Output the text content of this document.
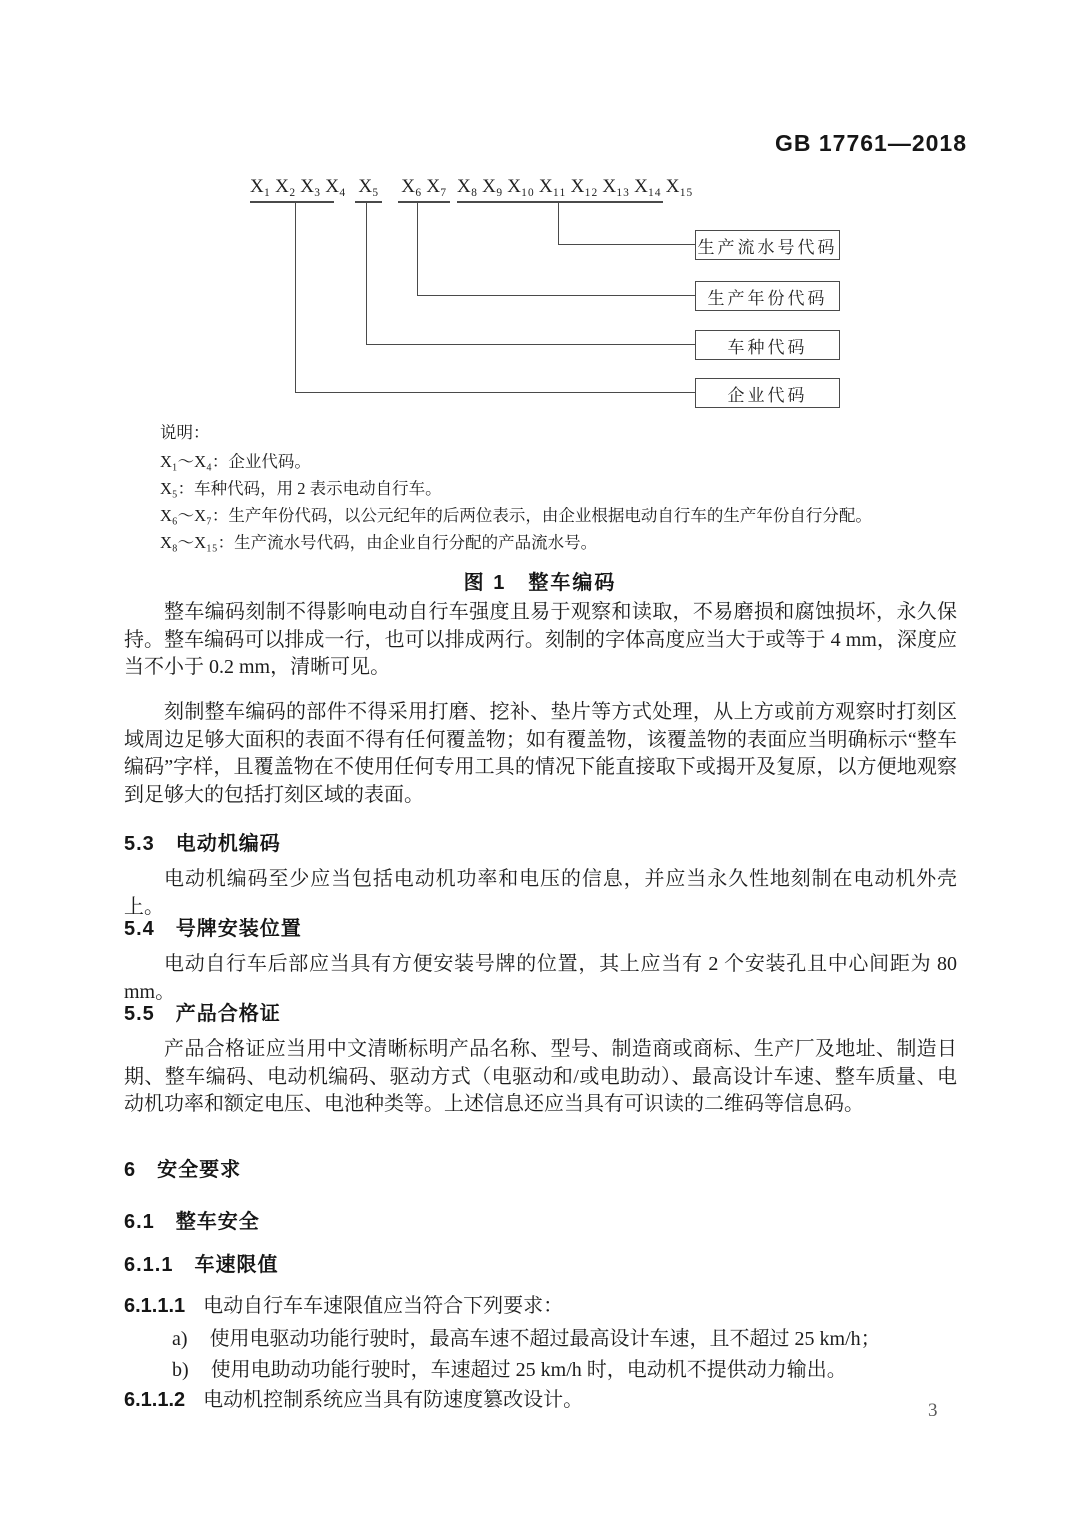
GB 17761—2018
X₁ X₂ X₃ X₄ X₅ X₆ X₇ X₈ X₉ X₁₀ X₁₁ X₁₂ X₁₃ X₁₄ X₁₅
生产流水号代码
生产年份代码
车种代码
企业代码
说明：
X₁～X₄：企业代码。
X₅：车种代码，用 2 表示电动自行车。
X₆～X₇：生产年份代码，以公元纪年的后两位表示，由企业根据电动自行车的生产年份自行分配。
X₈～X₁₅：生产流水号代码，由企业自行分配的产品流水号。
图 1　整车编码
整车编码刻制不得影响电动自行车强度且易于观察和读取，不易磨损和腐蚀损坏，永久保持。整车编码可以排成一行，也可以排成两行。刻制的字体高度应当大于或等于 4 mm，深度应当不小于 0.2 mm，清晰可见。
刻制整车编码的部件不得采用打磨、挖补、垫片等方式处理，从上方或前方观察时打刻区域周边足够大面积的表面不得有任何覆盖物；如有覆盖物，该覆盖物的表面应当明确标示“整车编码”字样，且覆盖物在不使用任何专用工具的情况下能直接取下或揭开及复原，以方便地观察到足够大的包括打刻区域的表面。
5.3　电动机编码
电动机编码至少应当包括电动机功率和电压的信息，并应当永久性地刻制在电动机外壳上。
5.4　号牌安装位置
电动自行车后部应当具有方便安装号牌的位置，其上应当有 2 个安装孔且中心间距为 80 mm。
5.5　产品合格证
产品合格证应当用中文清晰标明产品名称、型号、制造商或商标、生产厂及地址、制造日期、整车编码、电动机编码、驱动方式（电驱动和/或电助动）、最高设计车速、整车质量、电动机功率和额定电压、电池种类等。上述信息还应当具有可识读的二维码等信息码。
6　安全要求
6.1　整车安全
6.1.1　车速限值
6.1.1.1 电动自行车车速限值应当符合下列要求：
a) 使用电驱动功能行驶时，最高车速不超过最高设计车速，且不超过 25 km/h；
b) 使用电助动功能行驶时，车速超过 25 km/h 时，电动机不提供动力输出。
6.1.1.2 电动机控制系统应当具有防速度篡改设计。	3
